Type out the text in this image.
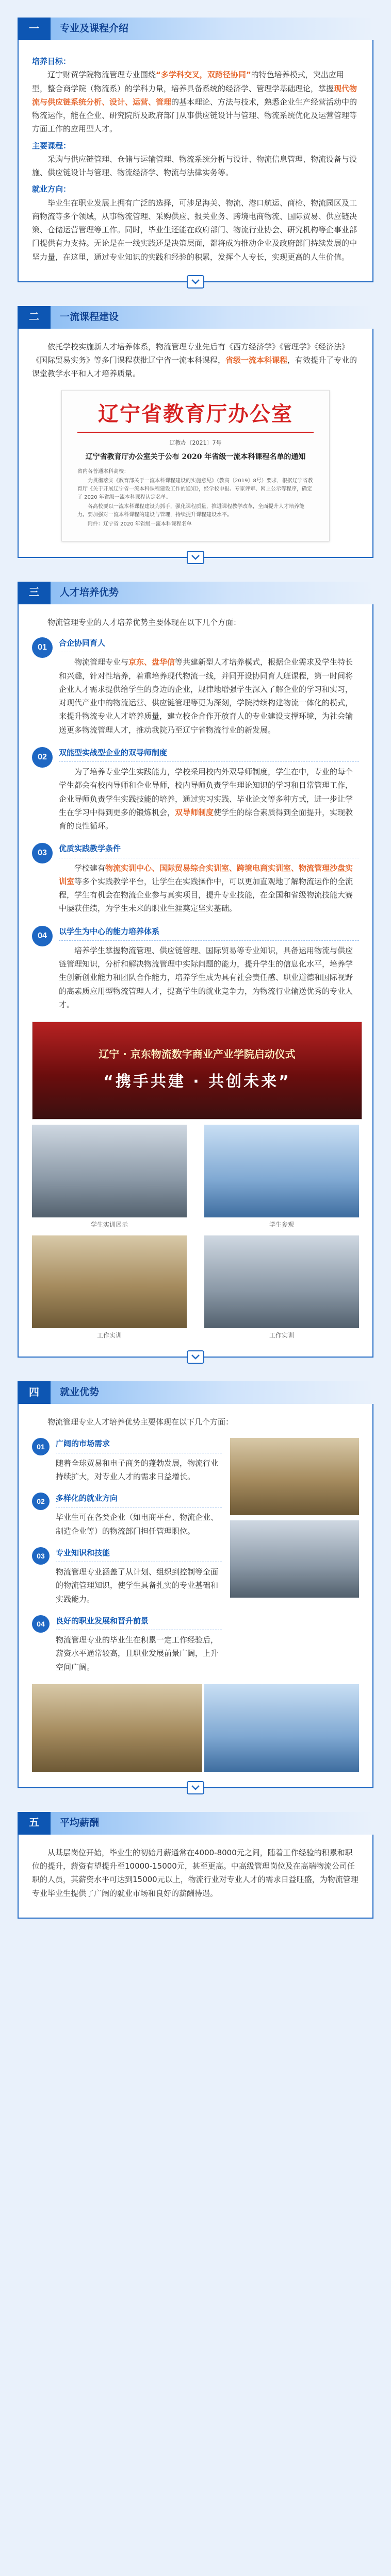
一	专业及课程介绍
培养目标：

辽宁财贸学院物流管理专业围绕“多学科交叉，双跨径协同”的特色培养模式，突出应用型，整合商学院（物流系）的学科力量，培养具备系统的经济学、管理学基础理论，掌握现代物流与供应链系统分析、设计、运营、管理的基本理论、方法与技术，熟悉企业生产经营活动中的物流运作，能在企业、研究院所及政府部门从事供应链设计与管理、物流系统优化及运营管理等方面工作的应用型人才。

主要课程：

采购与供应链管理、仓储与运输管理、物流系统分析与设计、物流信息管理、物流设备与设施、供应链设计与管理、物流经济学、物流与法律实务等。

就业方向：

毕业生在职业发展上拥有广泛的选择，可涉足海关、物流、港口航运、商检、物流园区及工商物流等多个领域，从事物流管理、采购供应、报关业务、跨境电商物流、国际贸易、供应链决策、仓储运营管理等工作。同时，毕业生还能在政府部门、物流行业协会、研究机构等企事业部门提供有力支持。无论是在一线实践还是决策层面，都将成为推动企业及政府部门持续发展的中坚力量，在这里，通过专业知识的实践和经验的积累，发挥个人专长，实现更高的人生价值。

二	一流课程建设

依托学校实施新人才培养体系，物流管理专业先后有《西方经济学》《管理学》《经济法》《国际贸易实务》等多门课程获批辽宁省一流本科课程，省级一流本科课程，有效提升了专业的课堂教学水平和人才培养质量。

辽宁省教育厅办公室
辽教办〔2021〕7号
辽宁省教育厅办公室关于公布 2020 年省级一流本科课程名单的通知

省内各普通本科高校：

为贯彻落实《教育部关于一流本科课程建设的实施意见》（教高〔2019〕8号）要求，根据辽宁省教育厅《关于开展辽宁省一流本科课程建设工作的通知》，经学校申报、专家评审、网上公示等程序，确定了 2020 年省级一流本科课程认定名单。

各高校要以一流本科课程建设为抓手，强化课程质量，推进课程教学改革，全面提升人才培养能力。要加强对一流本科课程的建设与管理，持续提升课程建设水平。

附件：辽宁省 2020 年省级一流本科课程名单

三	人才培养优势

物流管理专业的人才培养优势主要体现在以下几个方面：

01	合企协同育人

物流管理专业与京东、盘华信等共建新型人才培养模式，根据企业需求及学生特长和兴趣，针对性培养，着重培养现代物流一线，并同开设协同育人班课程，第一时间将企业人才需求提供给学生的身边的企业，规律地增强学生深入了解企业的学习和实习，对现代产业中的物流运营、供应链管理等更为深刻，学院持续构建物流一体化的模式，来提升物流专业人才培养质量，建立校企合作开放育人的专业建设支撑环境，为社会输送更多物流管理人才，推动我院乃至辽宁省物流行业的新发展。

02	双能型实战型企业的双导师制度

为了培养专业学生实践能力，学校采用校内外双导师制度，学生在中，专业的每个学生都会有校内导师和企业导师，校内导师负责学生理论知识的学习和日常管理工作，企业导师负责学生实践技能的培养，通过实习实践、毕业论文等多种方式，进一步让学生在学习中得到更多的锻炼机会，双导师制度使学生的综合素质得到全面提升，实现教育的良性循环。

03	优质实践教学条件

学校建有物流实训中心、国际贸易综合实训室、跨境电商实训室、物流管理沙盘实训室等多个实践教学平台，让学生在实践操作中，可以更加直观地了解物流运作的全流程，学生有机会在物流企业参与真实项目，提升专业技能，在全国和省级物流技能大赛中屡获佳绩，为学生未来的职业生涯奠定坚实基础。

04	以学生为中心的能力培养体系

培养学生掌握物流管理、供应链管理、国际贸易等专业知识，具备运用物流与供应链管理知识，分析和解决物流管理中实际问题的能力，提升学生的信息化水平，培养学生创新创业能力和团队合作能力，培养学生成为具有社会责任感、职业道德和国际视野的高素质应用型物流管理人才，提高学生的就业竞争力，为物流行业输送优秀的专业人才。

辽宁 · 京东物流数字商业产业学院启动仪式
“携手共建 · 共创未来”
学生实训展示	学生参观
工作实训	工作实训
四	就业优势

物流管理专业人才培养优势主要体现在以下几个方面：

01	广阔的市场需求

随着全球贸易和电子商务的蓬勃发展，物流行业持续扩大，对专业人才的需求日益增长。

02	多样化的就业方向

毕业生可在各类企业（如电商平台、物流企业、制造企业等）的物流部门担任管理职位。

03	专业知识和技能

物流管理专业涵盖了从计划、组织到控制等全面的物流管理知识，使学生具备扎实的专业基础和实践能力。

04	良好的职业发展和晋升前景

物流管理专业的毕业生在积累一定工作经验后，薪资水平通常较高，且职业发展前景广阔，上升空间广阔。

五	平均薪酬

从基层岗位开始，毕业生的初始月薪通常在4000-8000元之间，随着工作经验的积累和职位的提升，薪资有望提升至10000-15000元，甚至更高。中高级管理岗位及在高端物流公司任职的人员，其薪资水平可达到15000元以上，物流行业对专业人才的需求日益旺盛，为物流管理专业毕业生提供了广阔的就业市场和良好的薪酬待遇。
